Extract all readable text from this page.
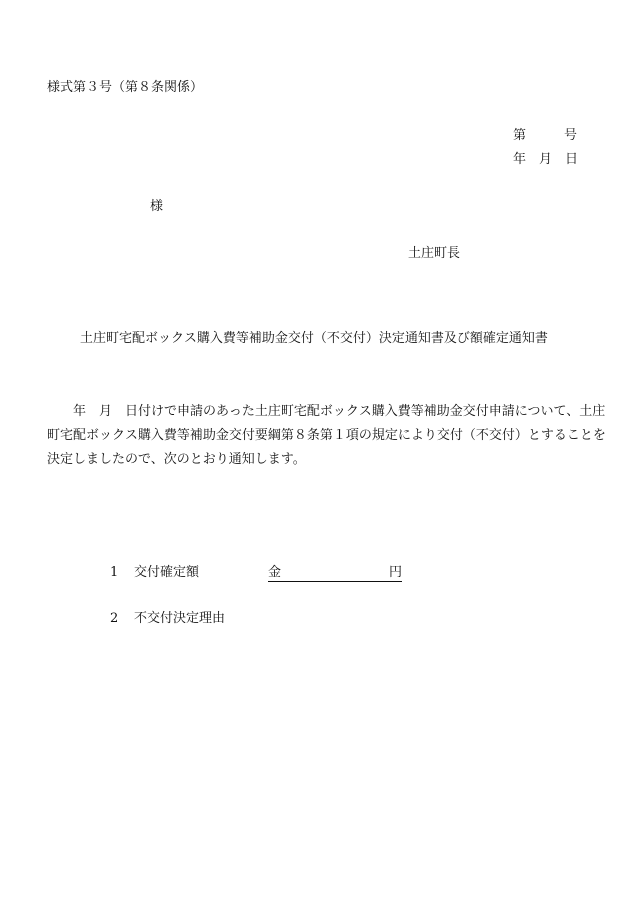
様式第３号（第８条関係）
第	号
年 月 日
様
土庄町長
土庄町宅配ボックス購入費等補助金交付（不交付）決定通知書及び額確定通知書
年 月 日付けで申請のあった土庄町宅配ボックス購入費等補助金交付申請について、土庄町宅配ボックス購入費等補助金交付要綱第８条第１項の規定により交付（不交付）とすることを決定しましたので、次のとおり通知します。
1 交付確定額	金	円
2 不交付決定理由
